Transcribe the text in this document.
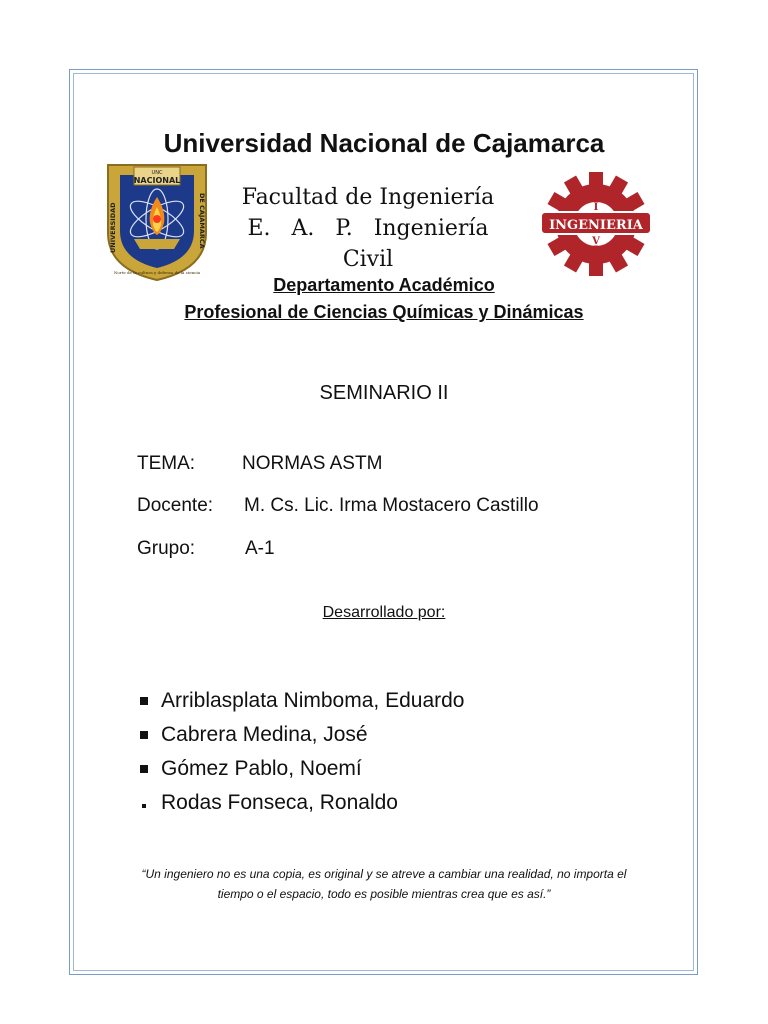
Universidad Nacional de Cajamarca
UNC
NACIONAL
UNIVERSIDAD	DE CAJAMARCA
Norte de la cultura y defensa de la ciencia
Facultad de Ingeniería
E. A. P. Ingeniería Civil
INGENIERIA
C
I
V
I
L
Departamento Académico
Profesional de Ciencias Químicas y Dinámicas
SEMINARIO II
TEMA: NORMAS ASTM
Docente: M. Cs. Lic. Irma Mostacero Castillo
Grupo:	A-1
Desarrollado por:
Arriblasplata Nimboma, Eduardo
Cabrera Medina, José
Gómez Pablo, Noemí
Rodas Fonseca, Ronaldo
“Un ingeniero no es una copia, es original y se atreve a cambiar una realidad, no importa el
tiempo o el espacio, todo es posible mientras crea que es así.”
